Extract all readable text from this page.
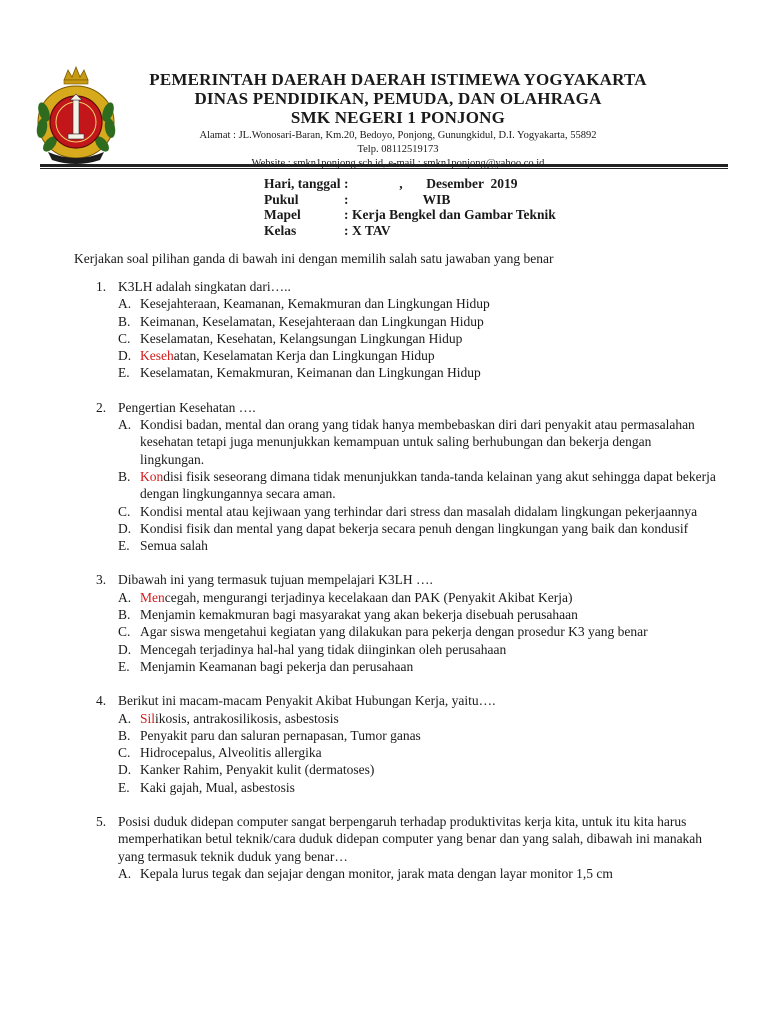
PEMERINTAH DAERAH DAERAH ISTIMEWA YOGYAKARTA
DINAS PENDIDIKAN, PEMUDA, DAN OLAHRAGA
SMK NEGERI 1 PONJONG
Alamat : JL.Wonosari-Baran, Km.20, Bedoyo, Ponjong, Gunungkidul, D.I. Yogyakarta, 55892
Telp. 08112519173
Hari, tanggal : ,       Desember  2019
Pukul	: WIB
Mapel	: Kerja Bengkel dan Gambar Teknik
Kelas	: X TAV
Kerjakan soal pilihan ganda di bawah ini dengan memilih salah satu jawaban yang benar
1. K3LH adalah singkatan dari…..
A. Kesejahteraan, Keamanan, Kemakmuran dan Lingkungan Hidup
B. Keimanan, Keselamatan, Kesejahteraan dan Lingkungan Hidup
C. Keselamatan, Kesehatan, Kelangsungan Lingkungan Hidup
D. Kesehatan, Keselamatan Kerja dan Lingkungan Hidup
E. Keselamatan, Kemakmuran, Keimanan dan Lingkungan Hidup
2. Pengertian Kesehatan ….
A. Kondisi badan, mental dan orang yang tidak hanya membebaskan diri dari penyakit atau permasalahan kesehatan tetapi juga menunjukkan kemampuan untuk saling berhubungan dan bekerja dengan lingkungan.
B. Kondisi fisik seseorang dimana tidak menunjukkan tanda-tanda kelainan yang akut sehingga dapat bekerja dengan lingkungannya secara aman.
C. Kondisi mental atau kejiwaan yang terhindar dari stress dan masalah didalam lingkungan pekerjaannya
D. Kondisi fisik dan mental yang dapat bekerja secara penuh dengan lingkungan yang baik dan kondusif
E. Semua salah
3. Dibawah ini yang termasuk tujuan mempelajari K3LH ….
A. Mencegah, mengurangi terjadinya kecelakaan dan PAK (Penyakit Akibat Kerja)
B. Menjamin kemakmuran bagi masyarakat yang akan bekerja disebuah perusahaan
C. Agar siswa mengetahui kegiatan yang dilakukan para pekerja dengan prosedur K3 yang benar
D. Mencegah terjadinya hal-hal yang tidak diinginkan oleh perusahaan
E. Menjamin Keamanan bagi pekerja dan perusahaan
4. Berikut ini macam-macam Penyakit Akibat Hubungan Kerja, yaitu….
A. Silikosis, antrakosilikosis, asbestosis
B. Penyakit paru dan saluran pernapasan, Tumor ganas
C. Hidrocepalus, Alveolitis allergika
D. Kanker Rahim, Penyakit kulit (dermatoses)
E. Kaki gajah, Mual, asbestosis
5. Posisi duduk didepan computer sangat berpengaruh terhadap produktivitas kerja kita, untuk itu kita harus memperhatikan betul teknik/cara duduk didepan computer yang benar dan yang salah, dibawah ini manakah yang termasuk teknik duduk yang benar…
A. Kepala lurus tegak dan sejajar dengan monitor, jarak mata dengan layar monitor 1,5 cm
